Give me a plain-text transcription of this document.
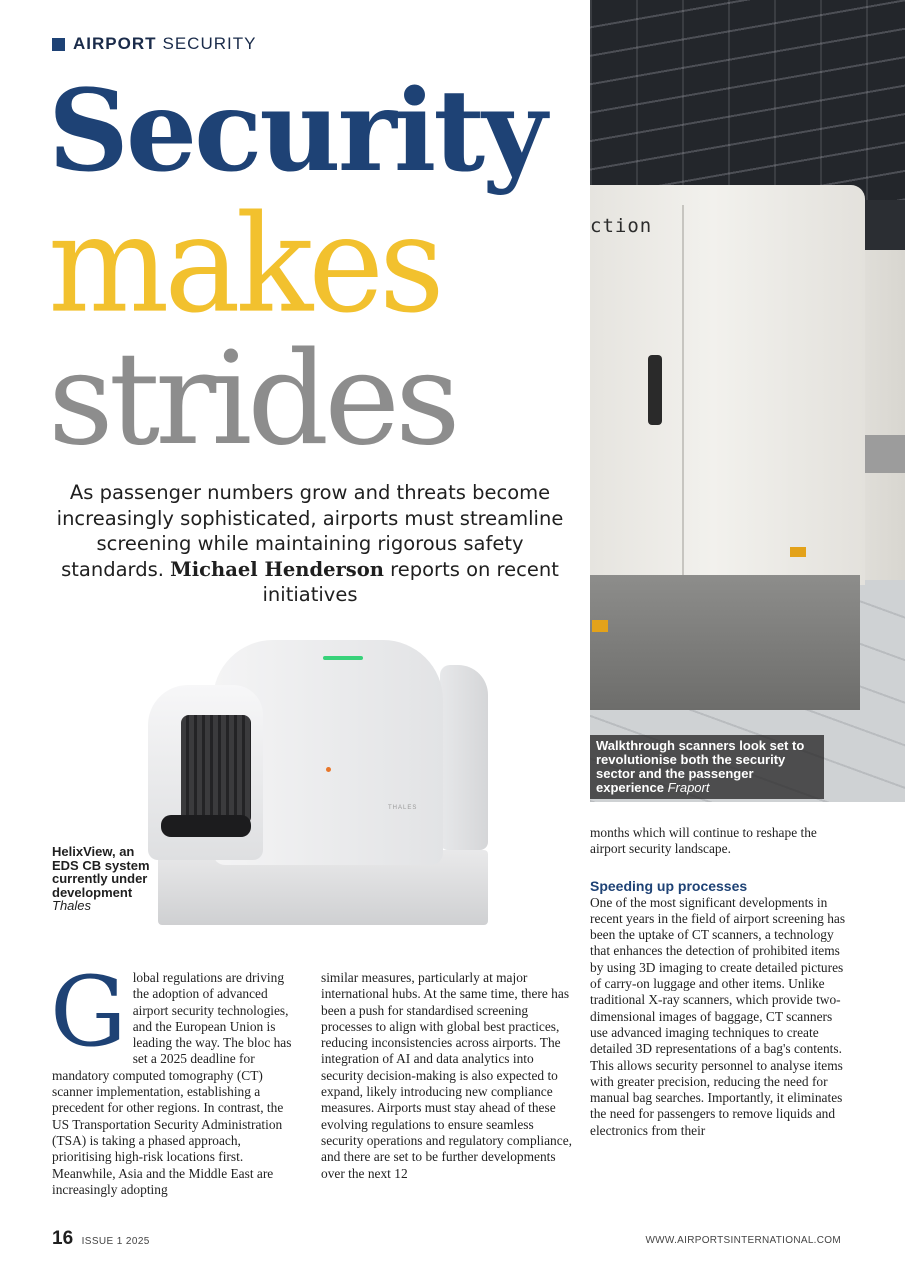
AIRPORT SECURITY
Security
makes
strides
As passenger numbers grow and threats become increasingly sophisticated, airports must streamline screening while maintaining rigorous safety standards. Michael Henderson reports on recent initiatives
ction
Walkthrough scanners look set to revolutionise both the security sector and the passenger experience Fraport
THALES
HelixView, an EDS CB system currently under development
Thales
G lobal regulations are driving the adoption of advanced airport security technologies, and the European Union is leading the way. The bloc has set a 2025 deadline for mandatory computed tomography (CT) scanner implementation, establishing a precedent for other regions. In contrast, the US Transportation Security Administration (TSA) is taking a phased approach, prioritising high-risk locations first. Meanwhile, Asia and the Middle East are increasingly adopting

similar measures, particularly at major international hubs. At the same time, there has been a push for standardised screening processes to align with global best practices, reducing inconsistencies across airports. The integration of AI and data analytics into security decision-making is also expected to expand, likely introducing new compliance measures. Airports must stay ahead of these evolving regulations to ensure seamless security operations and regulatory compliance, and there are set to be further developments over the next 12

months which will continue to reshape the airport security landscape.

Speeding up processes

One of the most significant developments in recent years in the field of airport screening has been the uptake of CT scanners, a technology that enhances the detection of prohibited items by using 3D imaging to create detailed pictures of carry-on luggage and other items. Unlike traditional X-ray scanners, which provide two-dimensional images of baggage, CT scanners use advanced imaging techniques to create detailed 3D representations of a bag's contents. This allows security personnel to analyse items with greater precision, reducing the need for manual bag searches. Importantly, it eliminates the need for passengers to remove liquids and electronics from their

16 ISSUE 1 2025	WWW.AIRPORTSINTERNATIONAL.COM
